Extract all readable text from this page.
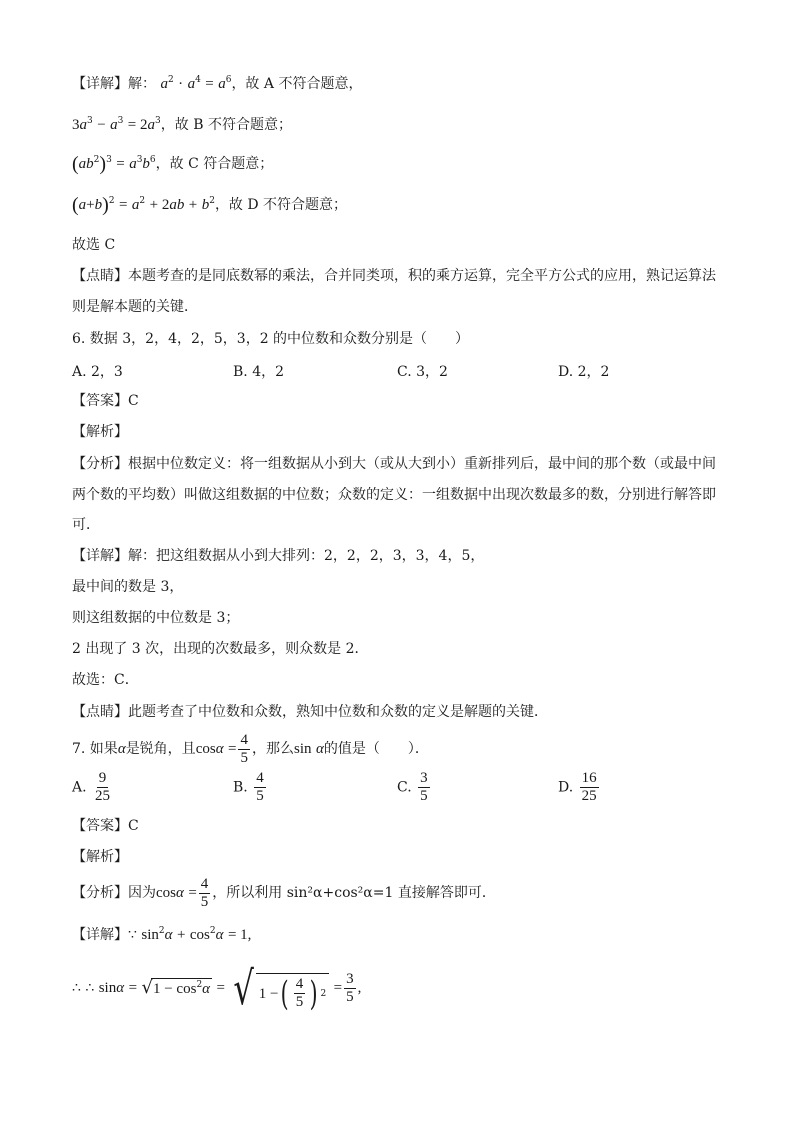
【详解】解： $a^2 \cdot a^4 = a^6$，故 A 不符合题意，
$3a^3 - a^3 = 2a^3$，故 B 不符合题意；
$(ab^2)^3 = a^3b^6$，故 C 符合题意；
$(a+b)^2 = a^2 + 2ab + b^2$，故 D 不符合题意；
故选 C
【点睛】本题考查的是同底数幂的乘法，合并同类项，积的乘方运算，完全平方公式的应用，熟记运算法
则是解本题的关键．
6. 数据 3，2，4，2，5，3，2 的中位数和众数分别是（　　）
A. 2，3	B. 4，2	C. 3，2	D. 2，2
【答案】C
【解析】
【分析】根据中位数定义：将一组数据从小到大（或从大到小）重新排列后，最中间的那个数（或最中间
两个数的平均数）叫做这组数据的中位数；众数的定义：一组数据中出现次数最多的数，分别进行解答即
可．
【详解】解：把这组数据从小到大排列：2，2，2，3，3，4，5，
最中间的数是 3，
则这组数据的中位数是 3；
2 出现了 3 次，出现的次数最多，则众数是 2．
故选：C．
【点睛】此题考查了中位数和众数，熟知中位数和众数的定义是解题的关键．
7. 如果α是锐角，且$\cos\alpha = \frac{4}{5}$ ，那么sin α的值是（　　）．
A. $\frac{9}{25}$	B. $\frac{4}{5}$	C. $\frac{3}{5}$	D. $\frac{16}{25}$
【答案】C
【解析】
【分析】因为$\cos\alpha = \frac{4}{5}$ ，所以利用 sin²α+cos²α=1 直接解答即可．
【详解】∵ $\sin^2\alpha + \cos^2\alpha = 1$,
∴ ∴
sin α
=
$√1 - \cos^2\alpha$
=
√ 1 − ( $\frac{4}{5}$ ) 2
= $\frac{3}{5}$ ,
